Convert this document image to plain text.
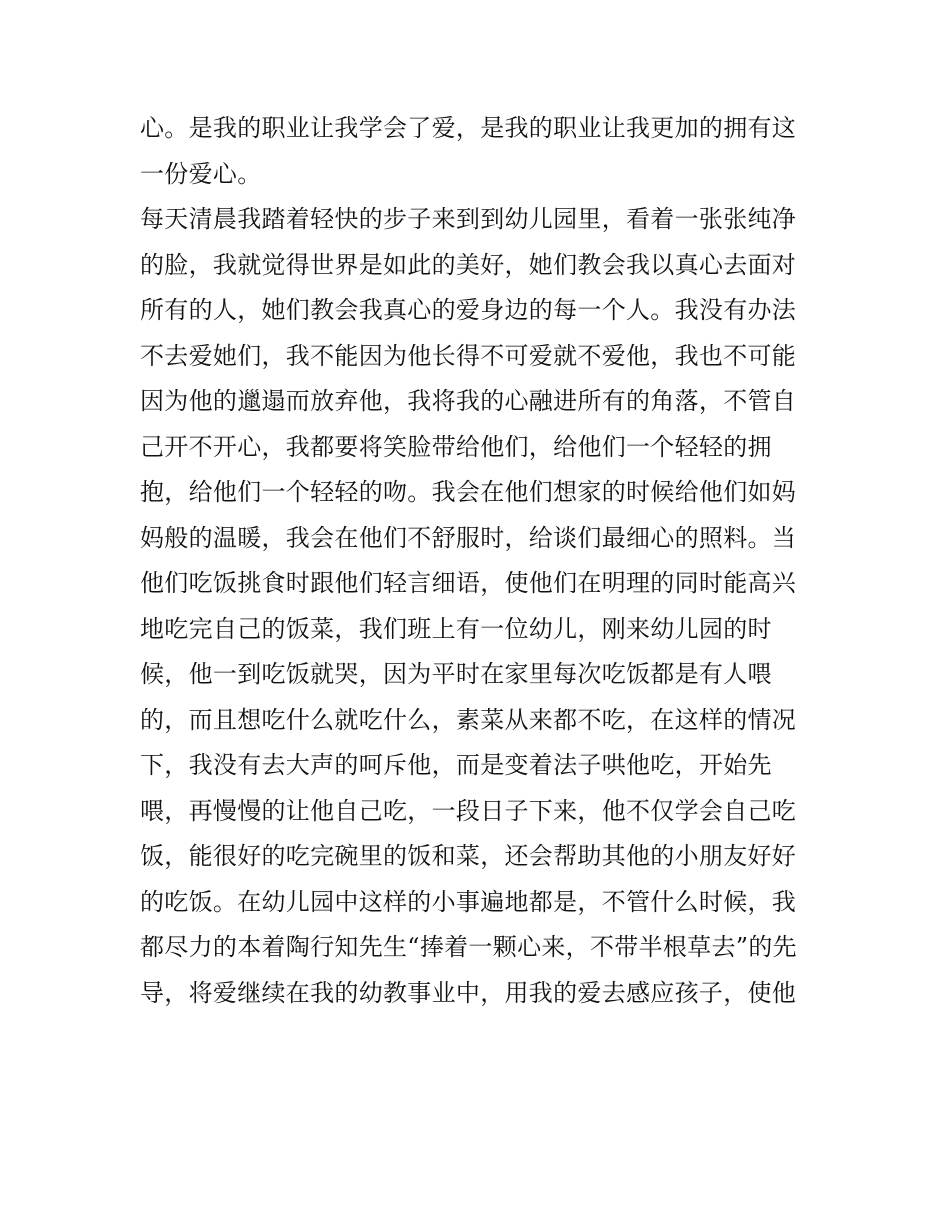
心。是我的职业让我学会了爱，是我的职业让我更加的拥有这
一份爱心。
每天清晨我踏着轻快的步子来到到幼儿园里，看着一张张纯净
的脸，我就觉得世界是如此的美好，她们教会我以真心去面对
所有的人，她们教会我真心的爱身边的每一个人。我没有办法
不去爱她们，我不能因为他长得不可爱就不爱他，我也不可能
因为他的邋遢而放弃他，我将我的心融进所有的角落，不管自
己开不开心，我都要将笑脸带给他们，给他们一个轻轻的拥
抱，给他们一个轻轻的吻。我会在他们想家的时候给他们如妈
妈般的温暖，我会在他们不舒服时，给谈们最细心的照料。当
他们吃饭挑食时跟他们轻言细语，使他们在明理的同时能高兴
地吃完自己的饭菜，我们班上有一位幼儿，刚来幼儿园的时
候，他一到吃饭就哭，因为平时在家里每次吃饭都是有人喂
的，而且想吃什么就吃什么，素菜从来都不吃，在这样的情况
下，我没有去大声的呵斥他，而是变着法子哄他吃，开始先
喂，再慢慢的让他自己吃，一段日子下来，他不仅学会自己吃
饭，能很好的吃完碗里的饭和菜，还会帮助其他的小朋友好好
的吃饭。在幼儿园中这样的小事遍地都是，不管什么时候，我
都尽力的本着陶行知先生“捧着一颗心来，不带半根草去”的先
导，将爱继续在我的幼教事业中，用我的爱去感应孩子，使他
